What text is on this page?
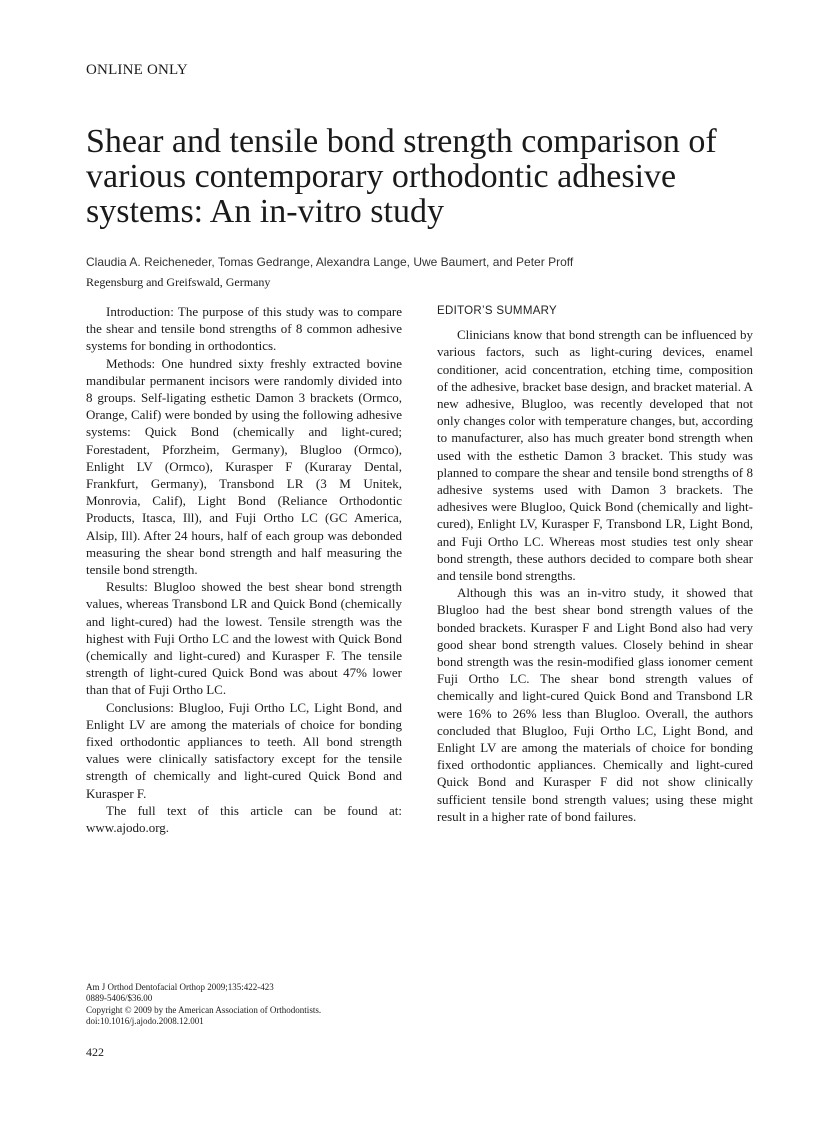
ONLINE ONLY
Shear and tensile bond strength comparison of
various contemporary orthodontic adhesive
systems: An in-vitro study
Claudia A. Reicheneder, Tomas Gedrange, Alexandra Lange, Uwe Baumert, and Peter Proff
Regensburg and Greifswald, Germany

Introduction: The purpose of this study was to compare the shear and tensile bond strengths of 8 common adhesive systems for bonding in orthodontics.

Methods: One hundred sixty freshly extracted bovine mandibular permanent incisors were randomly divided into 8 groups. Self-ligating esthetic Damon 3 brackets (Ormco, Orange, Calif) were bonded by using the following adhesive systems: Quick Bond (chemically and light-cured; Forestadent, Pforzheim, Germany), Blugloo (Ormco), Enlight LV (Ormco), Kurasper F (Kuraray Dental, Frankfurt, Germany), Transbond LR (3 M Unitek, Monrovia, Calif), Light Bond (Reliance Orthodontic Products, Itasca, Ill), and Fuji Ortho LC (GC America, Alsip, Ill). After 24 hours, half of each group was debonded measuring the shear bond strength and half measuring the tensile bond strength.

Results: Blugloo showed the best shear bond strength values, whereas Transbond LR and Quick Bond (chemically and light-cured) had the lowest. Tensile strength was the highest with Fuji Ortho LC and the lowest with Quick Bond (chemically and light-cured) and Kurasper F. The tensile strength of light-cured Quick Bond was about 47% lower than that of Fuji Ortho LC.

Conclusions: Blugloo, Fuji Ortho LC, Light Bond, and Enlight LV are among the materials of choice for bonding fixed orthodontic appliances to teeth. All bond strength values were clinically satisfactory except for the tensile strength of chemically and light-cured Quick Bond and Kurasper F.

The full text of this article can be found at: www.ajodo.org.

EDITOR’S SUMMARY

Clinicians know that bond strength can be influenced by various factors, such as light-curing devices, enamel conditioner, acid concentration, etching time, composition of the adhesive, bracket base design, and bracket material. A new adhesive, Blugloo, was recently developed that not only changes color with temperature changes, but, according to manufacturer, also has much greater bond strength when used with the esthetic Damon 3 bracket. This study was planned to compare the shear and tensile bond strengths of 8 adhesive systems used with Damon 3 brackets. The adhesives were Blugloo, Quick Bond (chemically and light-cured), Enlight LV, Kurasper F, Transbond LR, Light Bond, and Fuji Ortho LC. Whereas most studies test only shear bond strength, these authors decided to compare both shear and tensile bond strengths.

Although this was an in-vitro study, it showed that Blugloo had the best shear bond strength values of the bonded brackets. Kurasper F and Light Bond also had very good shear bond strength values. Closely behind in shear bond strength was the resin-modified glass ionomer cement Fuji Ortho LC. The shear bond strength values of chemically and light-cured Quick Bond and Transbond LR were 16% to 26% less than Blugloo. Overall, the authors concluded that Blugloo, Fuji Ortho LC, Light Bond, and Enlight LV are among the materials of choice for bonding fixed orthodontic appliances. Chemically and light-cured Quick Bond and Kurasper F did not show clinically sufficient tensile bond strength values; using these might result in a higher rate of bond failures.

Am J Orthod Dentofacial Orthop 2009;135:422-423
0889-5406/$36.00
Copyright © 2009 by the American Association of Orthodontists.
doi:10.1016/j.ajodo.2008.12.001
422
